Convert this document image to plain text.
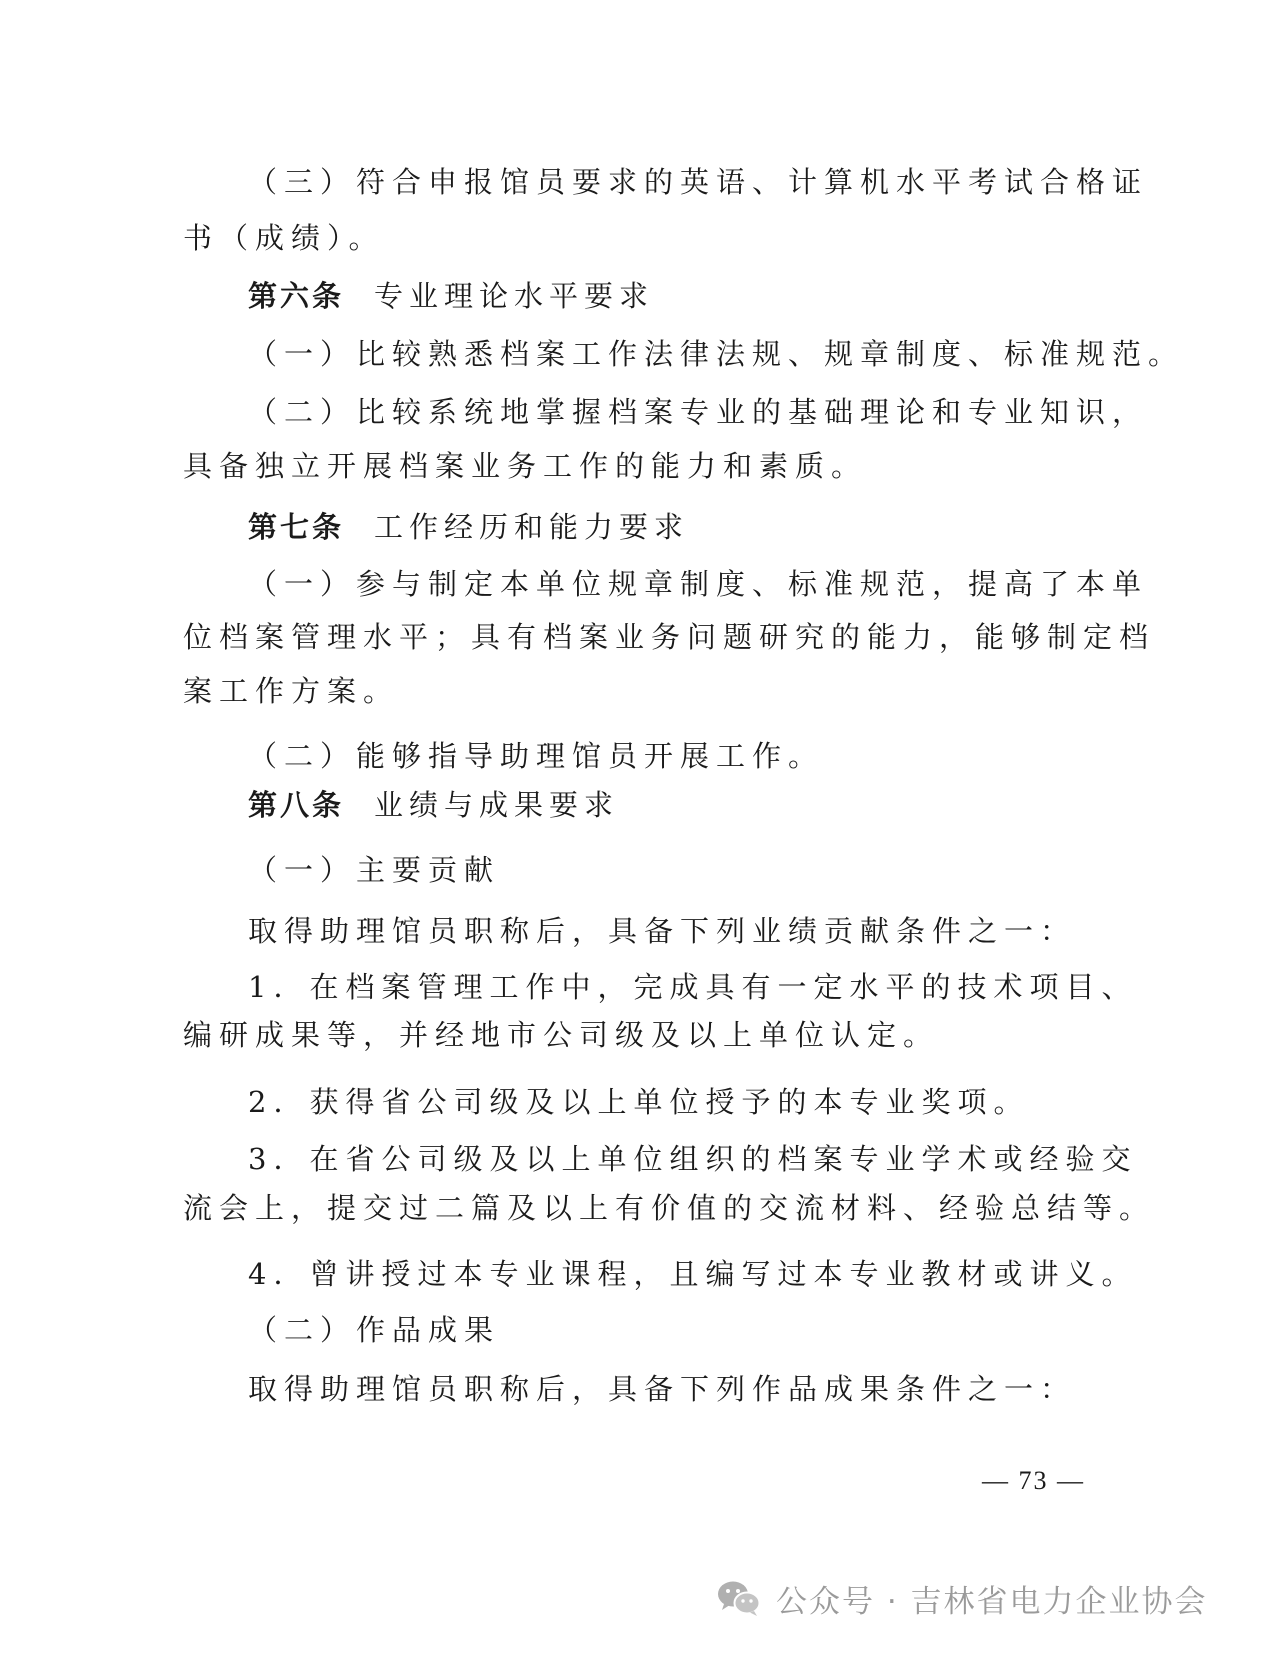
（三）符合申报馆员要求的英语、计算机水平考试合格证
书（成绩）。
第六条 专业理论水平要求
（一）比较熟悉档案工作法律法规、规章制度、标准规范。
（二）比较系统地掌握档案专业的基础理论和专业知识，
具备独立开展档案业务工作的能力和素质。
第七条 工作经历和能力要求
（一）参与制定本单位规章制度、标准规范，提高了本单
位档案管理水平；具有档案业务问题研究的能力，能够制定档
案工作方案。
（二）能够指导助理馆员开展工作。
第八条 业绩与成果要求
（一）主要贡献
取得助理馆员职称后，具备下列业绩贡献条件之一：
1．在档案管理工作中，完成具有一定水平的技术项目、
编研成果等，并经地市公司级及以上单位认定。
2．获得省公司级及以上单位授予的本专业奖项。
3．在省公司级及以上单位组织的档案专业学术或经验交
流会上，提交过二篇及以上有价值的交流材料、经验总结等。
4．曾讲授过本专业课程，且编写过本专业教材或讲义。
（二）作品成果
取得助理馆员职称后，具备下列作品成果条件之一：
— 73 —
公众号 · 吉林省电力企业协会
